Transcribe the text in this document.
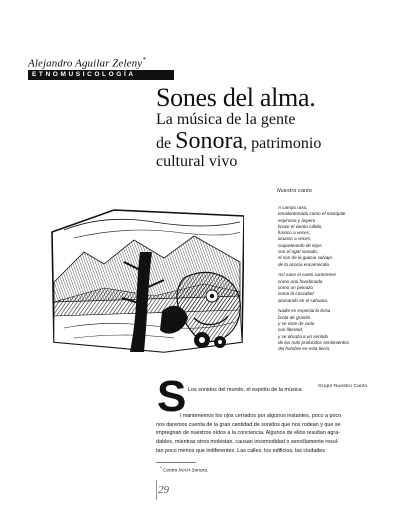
Alejandro Aguilar Zeleny*
ETNOMUSICOLOGÍA
Sones del alma.
La música de la gente
de Sonora, patrimonio
cultural vivo
Nuestro canto
A campo raso,
envalentonado como el mezquite
espinoso y áspero
bravo el viento cálido,
furioso a veces,
acuoso a veces,
coqueteando de lejos
con el agüí sonado,
el son de la guacia salvaje,
de la acacia encarnecida.
Así nace el canto sonorense
como una hondonada
como un peinazo
como la cascabel
acosando en el sahuaro.
Nadie es especial la brisa
brota de granito
y se viste de cielo
con libertad,
y se abraza a un sentido
de los más profundos sentimientos
del hombre en esta tierra.
Grupo Nuestro Canto
S Los sonidos del mundo, el espíritu de la música
i mantenemos los ojos cerrados por algunos instantes, poco a poco
nos daremos cuenta de la gran cantidad de sonidos que nos rodean y que se
impregnan de nuestros oídos a la conciencia. Algunos de ellos resultan agra-
dables, mientras otros molestan, causan incomodidad o sencillamente resul-
tan poco menos que indiferentes. Las calles, los edificios, las ciudades
* Centro INAH Sonora.
29
